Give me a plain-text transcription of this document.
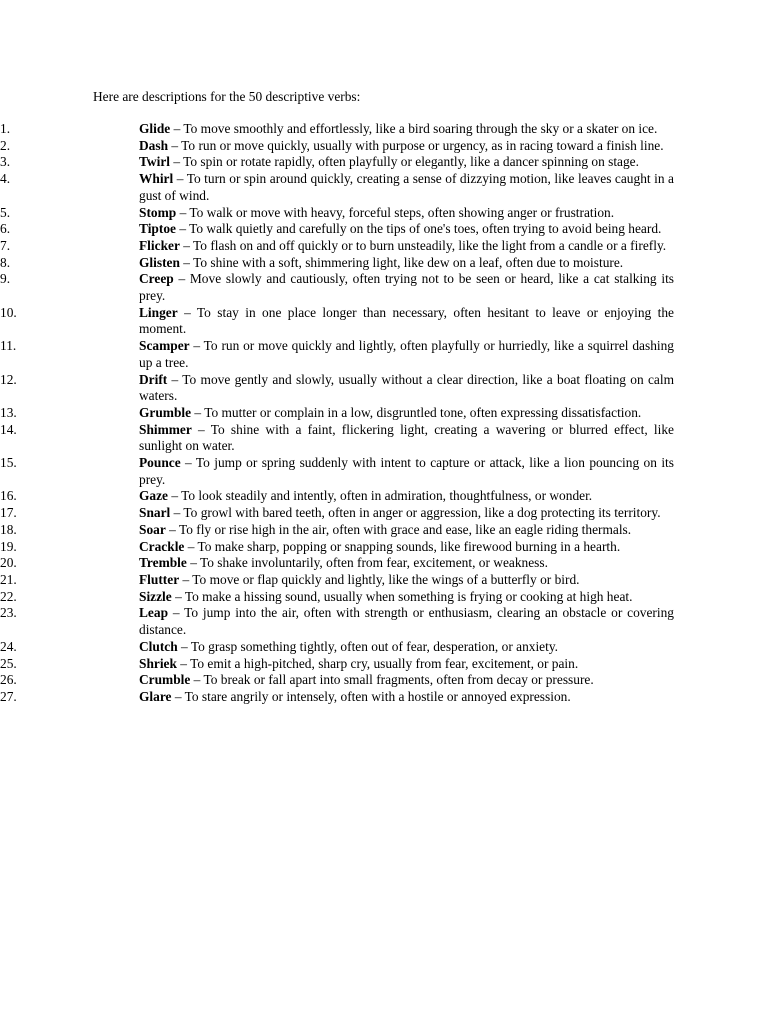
Here are descriptions for the 50 descriptive verbs:

1.	Glide – To move smoothly and effortlessly, like a bird soaring through the sky or a skater on ice.
2.	Dash – To run or move quickly, usually with purpose or urgency, as in racing toward a finish line.
3.	Twirl – To spin or rotate rapidly, often playfully or elegantly, like a dancer spinning on stage.
4.	Whirl – To turn or spin around quickly, creating a sense of dizzying motion, like leaves caught in a gust of wind.
5.	Stomp – To walk or move with heavy, forceful steps, often showing anger or frustration.
6.	Tiptoe – To walk quietly and carefully on the tips of one's toes, often trying to avoid being heard.
7.	Flicker – To flash on and off quickly or to burn unsteadily, like the light from a candle or a firefly.
8.	Glisten – To shine with a soft, shimmering light, like dew on a leaf, often due to moisture.
9.	Creep – Move slowly and cautiously, often trying not to be seen or heard, like a cat stalking its prey.
10.	Linger – To stay in one place longer than necessary, often hesitant to leave or enjoying the moment.
11.	Scamper – To run or move quickly and lightly, often playfully or hurriedly, like a squirrel dashing up a tree.
12.	Drift – To move gently and slowly, usually without a clear direction, like a boat floating on calm waters.
13.	Grumble – To mutter or complain in a low, disgruntled tone, often expressing dissatisfaction.
14.	Shimmer – To shine with a faint, flickering light, creating a wavering or blurred effect, like sunlight on water.
15.	Pounce – To jump or spring suddenly with intent to capture or attack, like a lion pouncing on its prey.
16.	Gaze – To look steadily and intently, often in admiration, thoughtfulness, or wonder.
17.	Snarl – To growl with bared teeth, often in anger or aggression, like a dog protecting its territory.
18.	Soar – To fly or rise high in the air, often with grace and ease, like an eagle riding thermals.
19.	Crackle – To make sharp, popping or snapping sounds, like firewood burning in a hearth.
20.	Tremble – To shake involuntarily, often from fear, excitement, or weakness.
21.	Flutter – To move or flap quickly and lightly, like the wings of a butterfly or bird.
22.	Sizzle – To make a hissing sound, usually when something is frying or cooking at high heat.
23.	Leap – To jump into the air, often with strength or enthusiasm, clearing an obstacle or covering distance.
24.	Clutch – To grasp something tightly, often out of fear, desperation, or anxiety.
25.	Shriek – To emit a high-pitched, sharp cry, usually from fear, excitement, or pain.
26.	Crumble – To break or fall apart into small fragments, often from decay or pressure.
27.	Glare – To stare angrily or intensely, often with a hostile or annoyed expression.
